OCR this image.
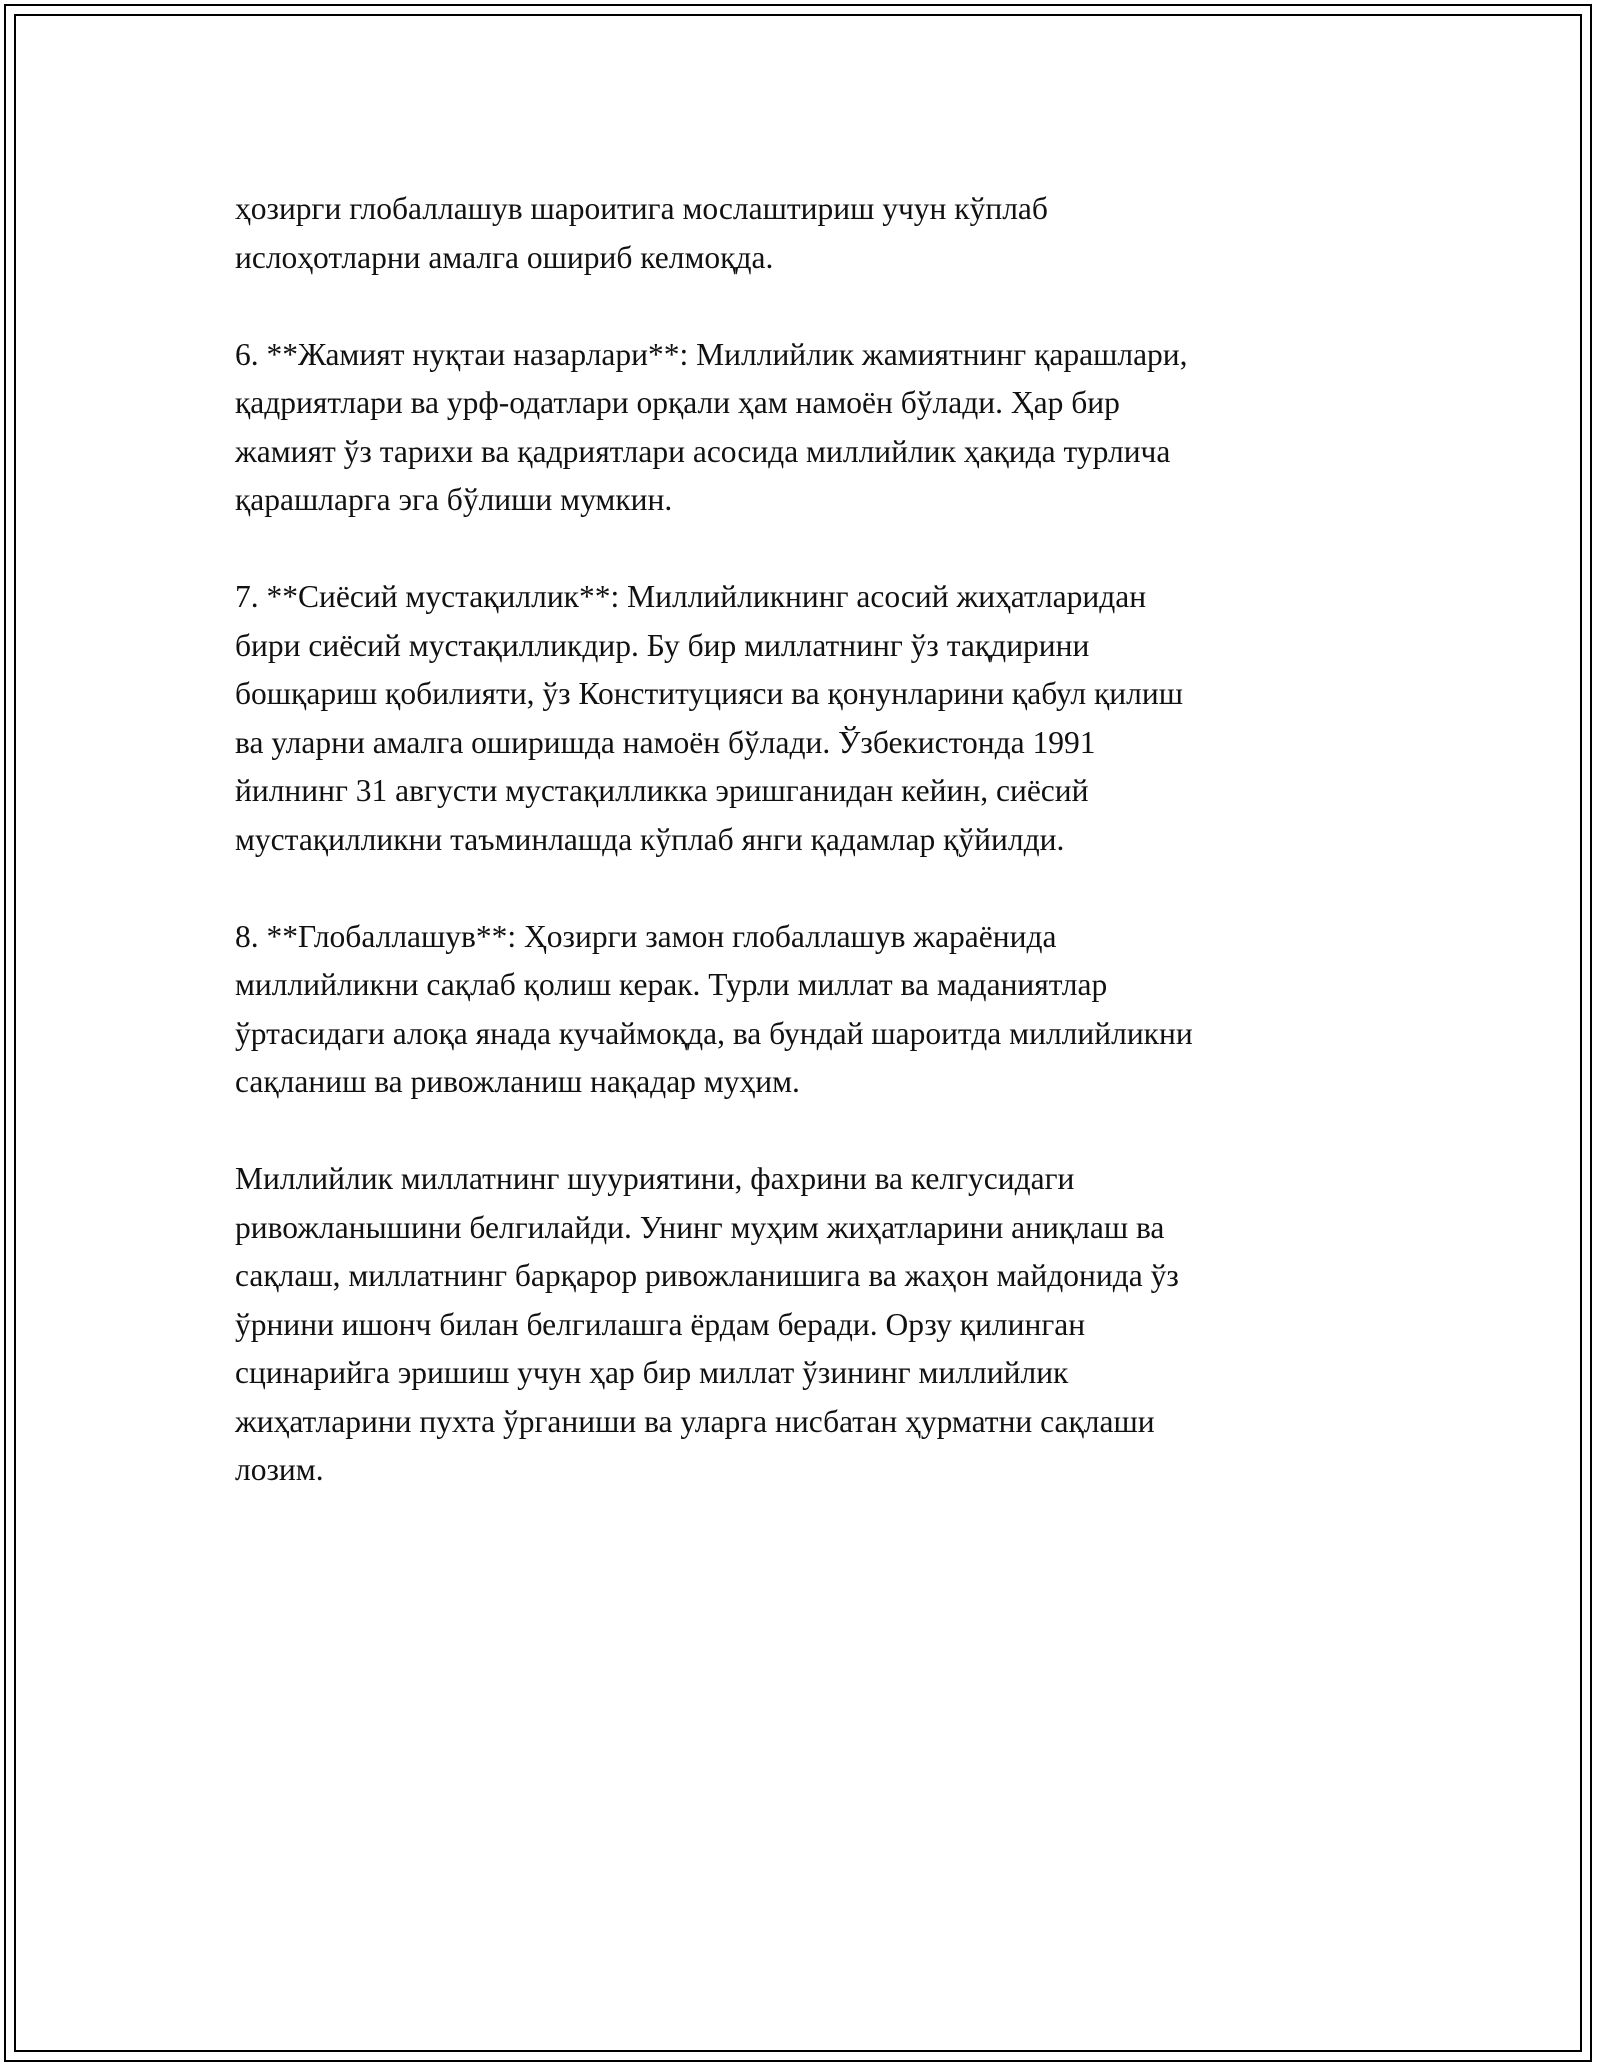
ҳозирги глобаллашув шароитига мослаштириш учун кўплаб
ислоҳотларни амалга ошириб келмоқда.

6. **Жамият нуқтаи назарлари**: Миллийлик жамиятнинг қарашлари,
қадриятлари ва урф-одатлари орқали ҳам намоён бўлади. Ҳар бир
жамият ўз тарихи ва қадриятлари асосида миллийлик ҳақида турлича
қарашларга эга бўлиши мумкин.

7. **Сиёсий мустақиллик**: Миллийликнинг асосий жиҳатларидан
бири сиёсий мустақилликдир. Бу бир миллатнинг ўз тақдирини
бошқариш қобилияти, ўз Конституцияси ва қонунларини қабул қилиш
ва уларни амалга оширишда намоён бўлади. Ўзбекистонда 1991
йилнинг 31 августи мустақилликка эришганидан кейин, сиёсий
мустақилликни таъминлашда кўплаб янги қадамлар қўйилди.

8. **Глобаллашув**: Ҳозирги замон глобаллашув жараёнида
миллийликни сақлаб қолиш керак. Турли миллат ва маданиятлар
ўртасидаги алоқа янада кучаймоқда, ва бундай шароитда миллийликни
сақланиш ва ривожланиш нақадар муҳим.

Миллийлик миллатнинг шууриятини, фахрини ва келгусидаги
ривожланышини белгилайди. Унинг муҳим жиҳатларини аниқлаш ва
сақлаш, миллатнинг барқарор ривожланишига ва жаҳон майдонида ўз
ўрнини ишонч билан белгилашга ёрдам беради. Орзу қилинган
сцинарийга эришиш учун ҳар бир миллат ўзининг миллийлик
жиҳатларини пухта ўрганиши ва уларга нисбатан ҳурматни сақлаши
лозим.
